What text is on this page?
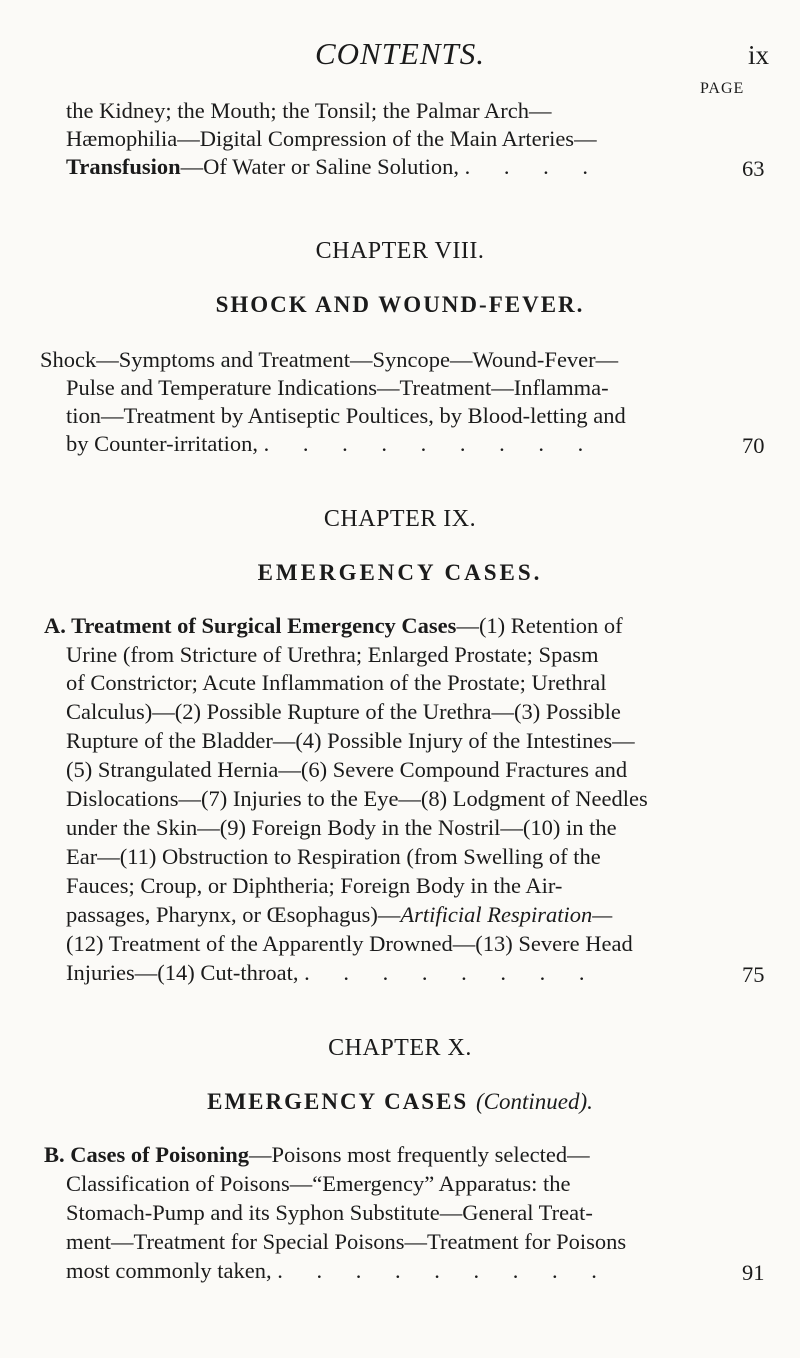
CONTENTS.	ix
PAGE
the Kidney; the Mouth; the Tonsil; the Palmar Arch—
Hæmophilia—Digital Compression of the Main Arteries—
Transfusion—Of Water or Saline Solution, . . . .	63
CHAPTER VIII.
SHOCK AND WOUND-FEVER.
Shock—Symptoms and Treatment—Syncope—Wound-Fever—
Pulse and Temperature Indications—Treatment—Inflamma-
tion—Treatment by Antiseptic Poultices, by Blood-letting and
by Counter-irritation, . . . . . . . . .	70
CHAPTER IX.
EMERGENCY CASES.
A. Treatment of Surgical Emergency Cases—(1) Retention of
Urine (from Stricture of Urethra; Enlarged Prostate; Spasm
of Constrictor; Acute Inflammation of the Prostate; Urethral
Calculus)—(2) Possible Rupture of the Urethra—(3) Possible
Rupture of the Bladder—(4) Possible Injury of the Intestines—
(5) Strangulated Hernia—(6) Severe Compound Fractures and
Dislocations—(7) Injuries to the Eye—(8) Lodgment of Needles
under the Skin—(9) Foreign Body in the Nostril—(10) in the
Ear—(11) Obstruction to Respiration (from Swelling of the
Fauces; Croup, or Diphtheria; Foreign Body in the Air-
passages, Pharynx, or Œsophagus)—Artificial Respiration—
(12) Treatment of the Apparently Drowned—(13) Severe Head
Injuries—(14) Cut-throat, . . . . . . . .	75
CHAPTER X.
EMERGENCY CASES (Continued).
B. Cases of Poisoning—Poisons most frequently selected—
Classification of Poisons—“Emergency” Apparatus: the
Stomach-Pump and its Syphon Substitute—General Treat-
ment—Treatment for Special Poisons—Treatment for Poisons
most commonly taken, . . . . . . . . .	91
